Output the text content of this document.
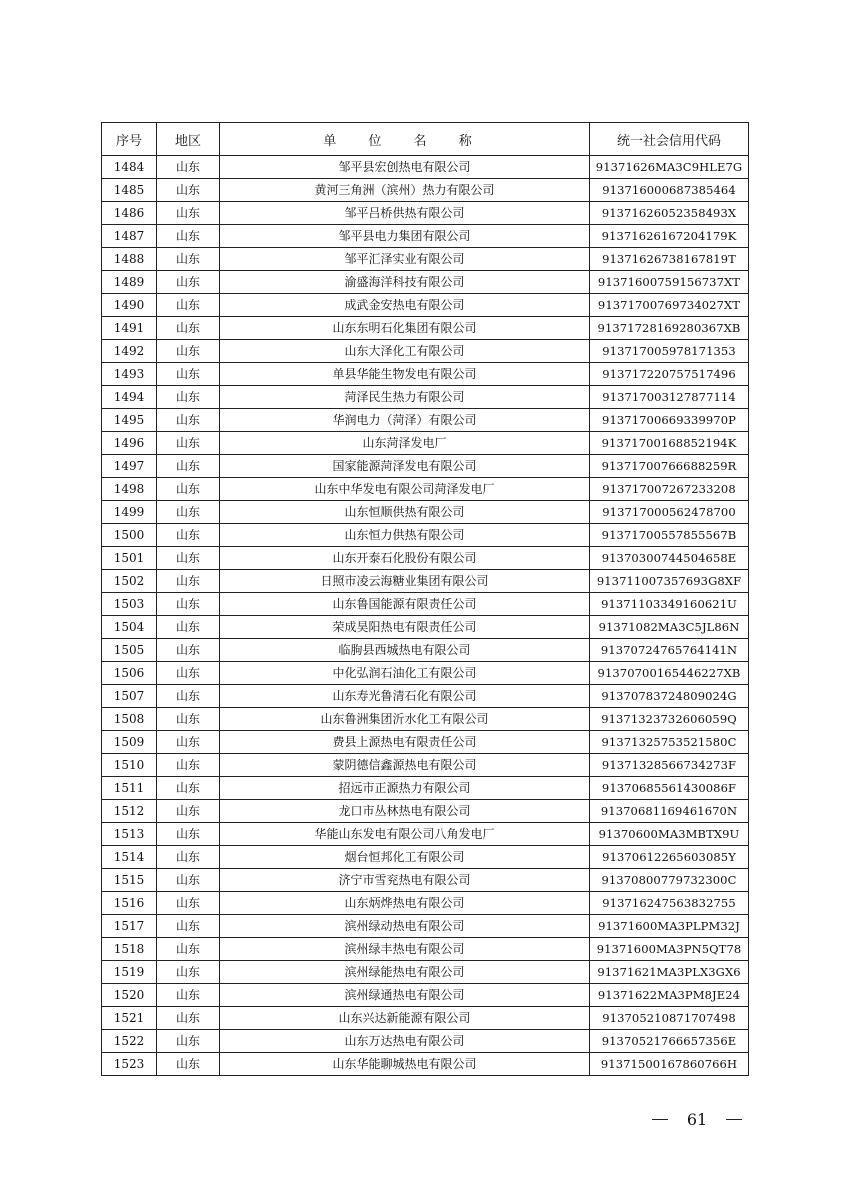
序号	地区	单 位 名 称	统一社会信用代码
1484	山东	邹平县宏创热电有限公司	91371626MA3C9HLE7G
1485	山东	黄河三角洲（滨州）热力有限公司	913716000687385464
1486	山东	邹平吕桥供热有限公司	91371626052358493X
1487	山东	邹平县电力集团有限公司	91371626167204179K
1488	山东	邹平汇泽实业有限公司	91371626738167819T
1489	山东	渝盛海洋科技有限公司	91371600759156737XT
1490	山东	成武金安热电有限公司	91371700769734027XT
1491	山东	山东东明石化集团有限公司	91371728169280367XB
1492	山东	山东大泽化工有限公司	913717005978171353
1493	山东	单县华能生物发电有限公司	913717220757517496
1494	山东	菏泽民生热力有限公司	913717003127877114
1495	山东	华润电力（菏泽）有限公司	91371700669339970P
1496	山东	山东菏泽发电厂	91371700168852194K
1497	山东	国家能源菏泽发电有限公司	91371700766688259R
1498	山东	山东中华发电有限公司菏泽发电厂	913717007267233208
1499	山东	山东恒顺供热有限公司	913717000562478700
1500	山东	山东恒力供热有限公司	91371700557855567B
1501	山东	山东开泰石化股份有限公司	91370300744504658E
1502	山东	日照市凌云海糖业集团有限公司	913711007357693G8XF
1503	山东	山东鲁国能源有限责任公司	91371103349160621U
1504	山东	荣成昊阳热电有限责任公司	91371082MA3C5JL86N
1505	山东	临朐县西城热电有限公司	91370724765764141N
1506	山东	中化弘润石油化工有限公司	91370700165446227XB
1507	山东	山东寿光鲁清石化有限公司	91370783724809024G
1508	山东	山东鲁洲集团沂水化工有限公司	91371323732606059Q
1509	山东	费县上源热电有限责任公司	91371325753521580C
1510	山东	蒙阴德信鑫源热电有限公司	91371328566734273F
1511	山东	招远市正源热力有限公司	91370685561430086F
1512	山东	龙口市丛林热电有限公司	91370681169461670N
1513	山东	华能山东发电有限公司八角发电厂	91370600MA3MBTX9U
1514	山东	烟台恒邦化工有限公司	91370612265603085Y
1515	山东	济宁市雪兖热电有限公司	91370800779732300C
1516	山东	山东炳烨热电有限公司	913716247563832755
1517	山东	滨州绿动热电有限公司	91371600MA3PLPM32J
1518	山东	滨州绿丰热电有限公司	91371600MA3PN5QT78
1519	山东	滨州绿能热电有限公司	91371621MA3PLX3GX6
1520	山东	滨州绿通热电有限公司	91371622MA3PM8JE24
1521	山东	山东兴达新能源有限公司	913705210871707498
1522	山东	山东万达热电有限公司	91370521766657356E
1523	山东	山东华能聊城热电有限公司	91371500167860766H
61
